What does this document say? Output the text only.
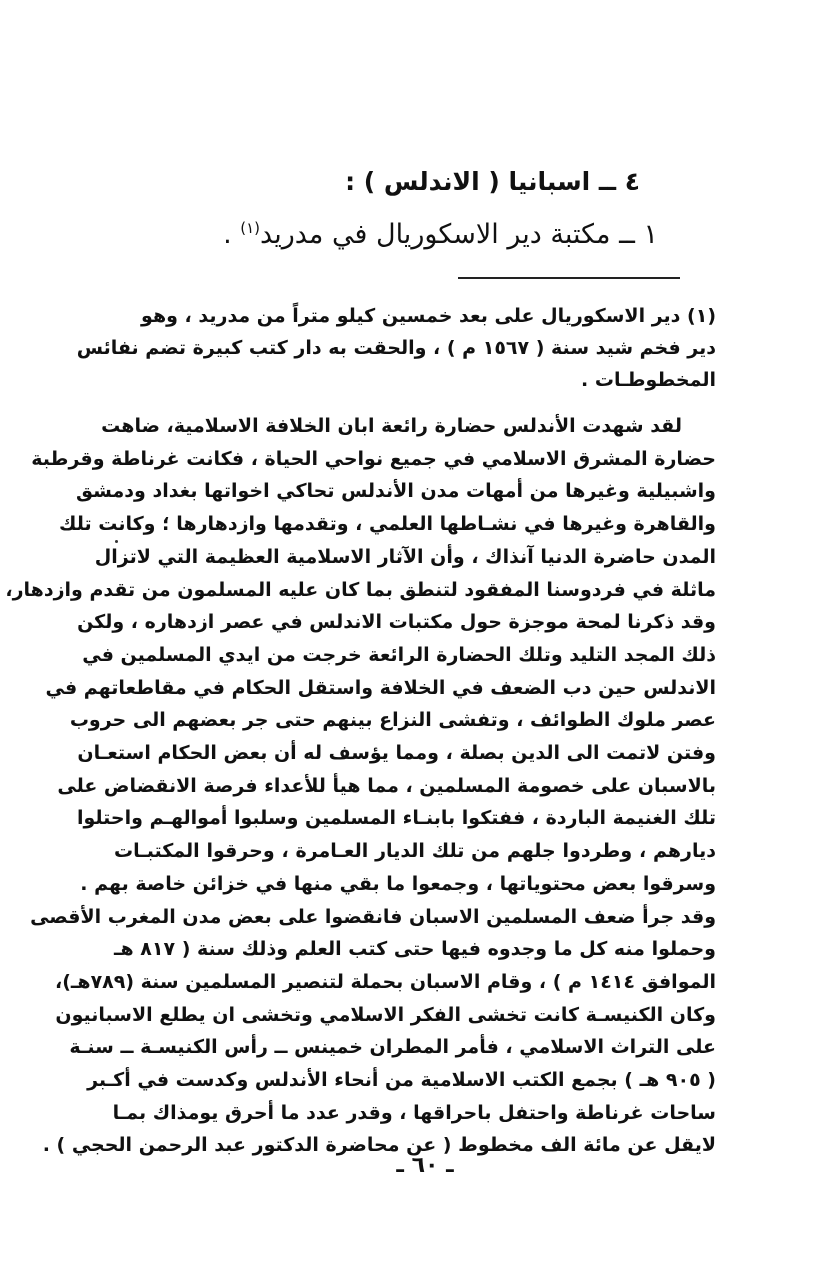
٤ ــ اسبانيا ( الاندلس ) :
١ ــ مكتبة دير الاسكوريال في مدريد$^{(١)}$ .
(١) دير الاسكوريال على بعد خمسين كيلو متراً من مدريد ، وهو
دير فخم شيد سنة ( ١٥٦٧ م ) ، والحقت به دار كتب كبيرة تضم نفائس
المخطوطـات .
لقد شهدت الأندلس حضارة رائعة ابان الخلافة الاسلامية، ضاهت
حضارة المشرق الاسلامي في جميع نواحي الحياة ، فكانت غرناطة وقرطبة
واشبيلية وغيرها من أمهات مدن الأندلس تحاكي اخواتها بغداد ودمشق
والقاهرة وغيرها في نشـاطها العلمي ، وتقدمها وازدهارها ؛ وكانت تلك
المدن حاضرة الدنيا آنذاك ، وأن الآثار الاسلامية العظيمة التي لاتزال
ماثلة في فردوسنا المفقود لتنطق بما كان عليه المسلمون من تقدم وازدهار،
وقد ذكرنا لمحة موجزة حول مكتبات الاندلس في عصر ازدهاره ، ولكن
ذلك المجد التليد وتلك الحضارة الرائعة خرجت من ايدي المسلمين في
الاندلس حين دب الضعف في الخلافة واستقل الحكام في مقاطعاتهم في
عصر ملوك الطوائف ، وتفشى النزاع بينهم حتى جر بعضهم الى حروب
وفتن لاتمت الى الدين بصلة ، ومما يؤسف له أن بعض الحكام استعـان
بالاسبان على خصومة المسلمين ، مما هيأ للأعداء فرصة الانقضاض على
تلك الغنيمة الباردة ، ففتكوا بابنـاء المسلمين وسلبوا أموالهـم واحتلوا
ديارهم ، وطردوا جلهم من تلك الديار العـامرة ، وحرقوا المكتبـات
وسرقوا بعض محتوياتها ، وجمعوا ما بقي منها في خزائن خاصة بهم .
وقد جرأ ضعف المسلمين الاسبان فانقضوا على بعض مدن المغرب الأقصى
وحملوا منه كل ما وجدوه فيها حتى كتب العلم وذلك سنة ( ٨١٧ هـ
الموافق ١٤١٤ م ) ، وقام الاسبان بحملة لتنصير المسلمين سنة (٧٨٩هـ)،
وكان الكنيسـة كانت تخشى الفكر الاسلامي وتخشى ان يطلع الاسبانيون
على التراث الاسلامي ، فأمر المطران خمينس ــ رأس الكنيسـة ــ سنـة
( ٩٠٥ هـ ) بجمع الكتب الاسلامية من أنحاء الأندلس وكدست في أكـبر
ساحات غرناطة واحتفل باحراقها ، وقدر عدد ما أحرق يومذاك بمـا
لايقل عن مائة الف مخطوط ( عن محاضرة الدكتور عبد الرحمن الحجي ) .
ـ ٦٠ ـ
